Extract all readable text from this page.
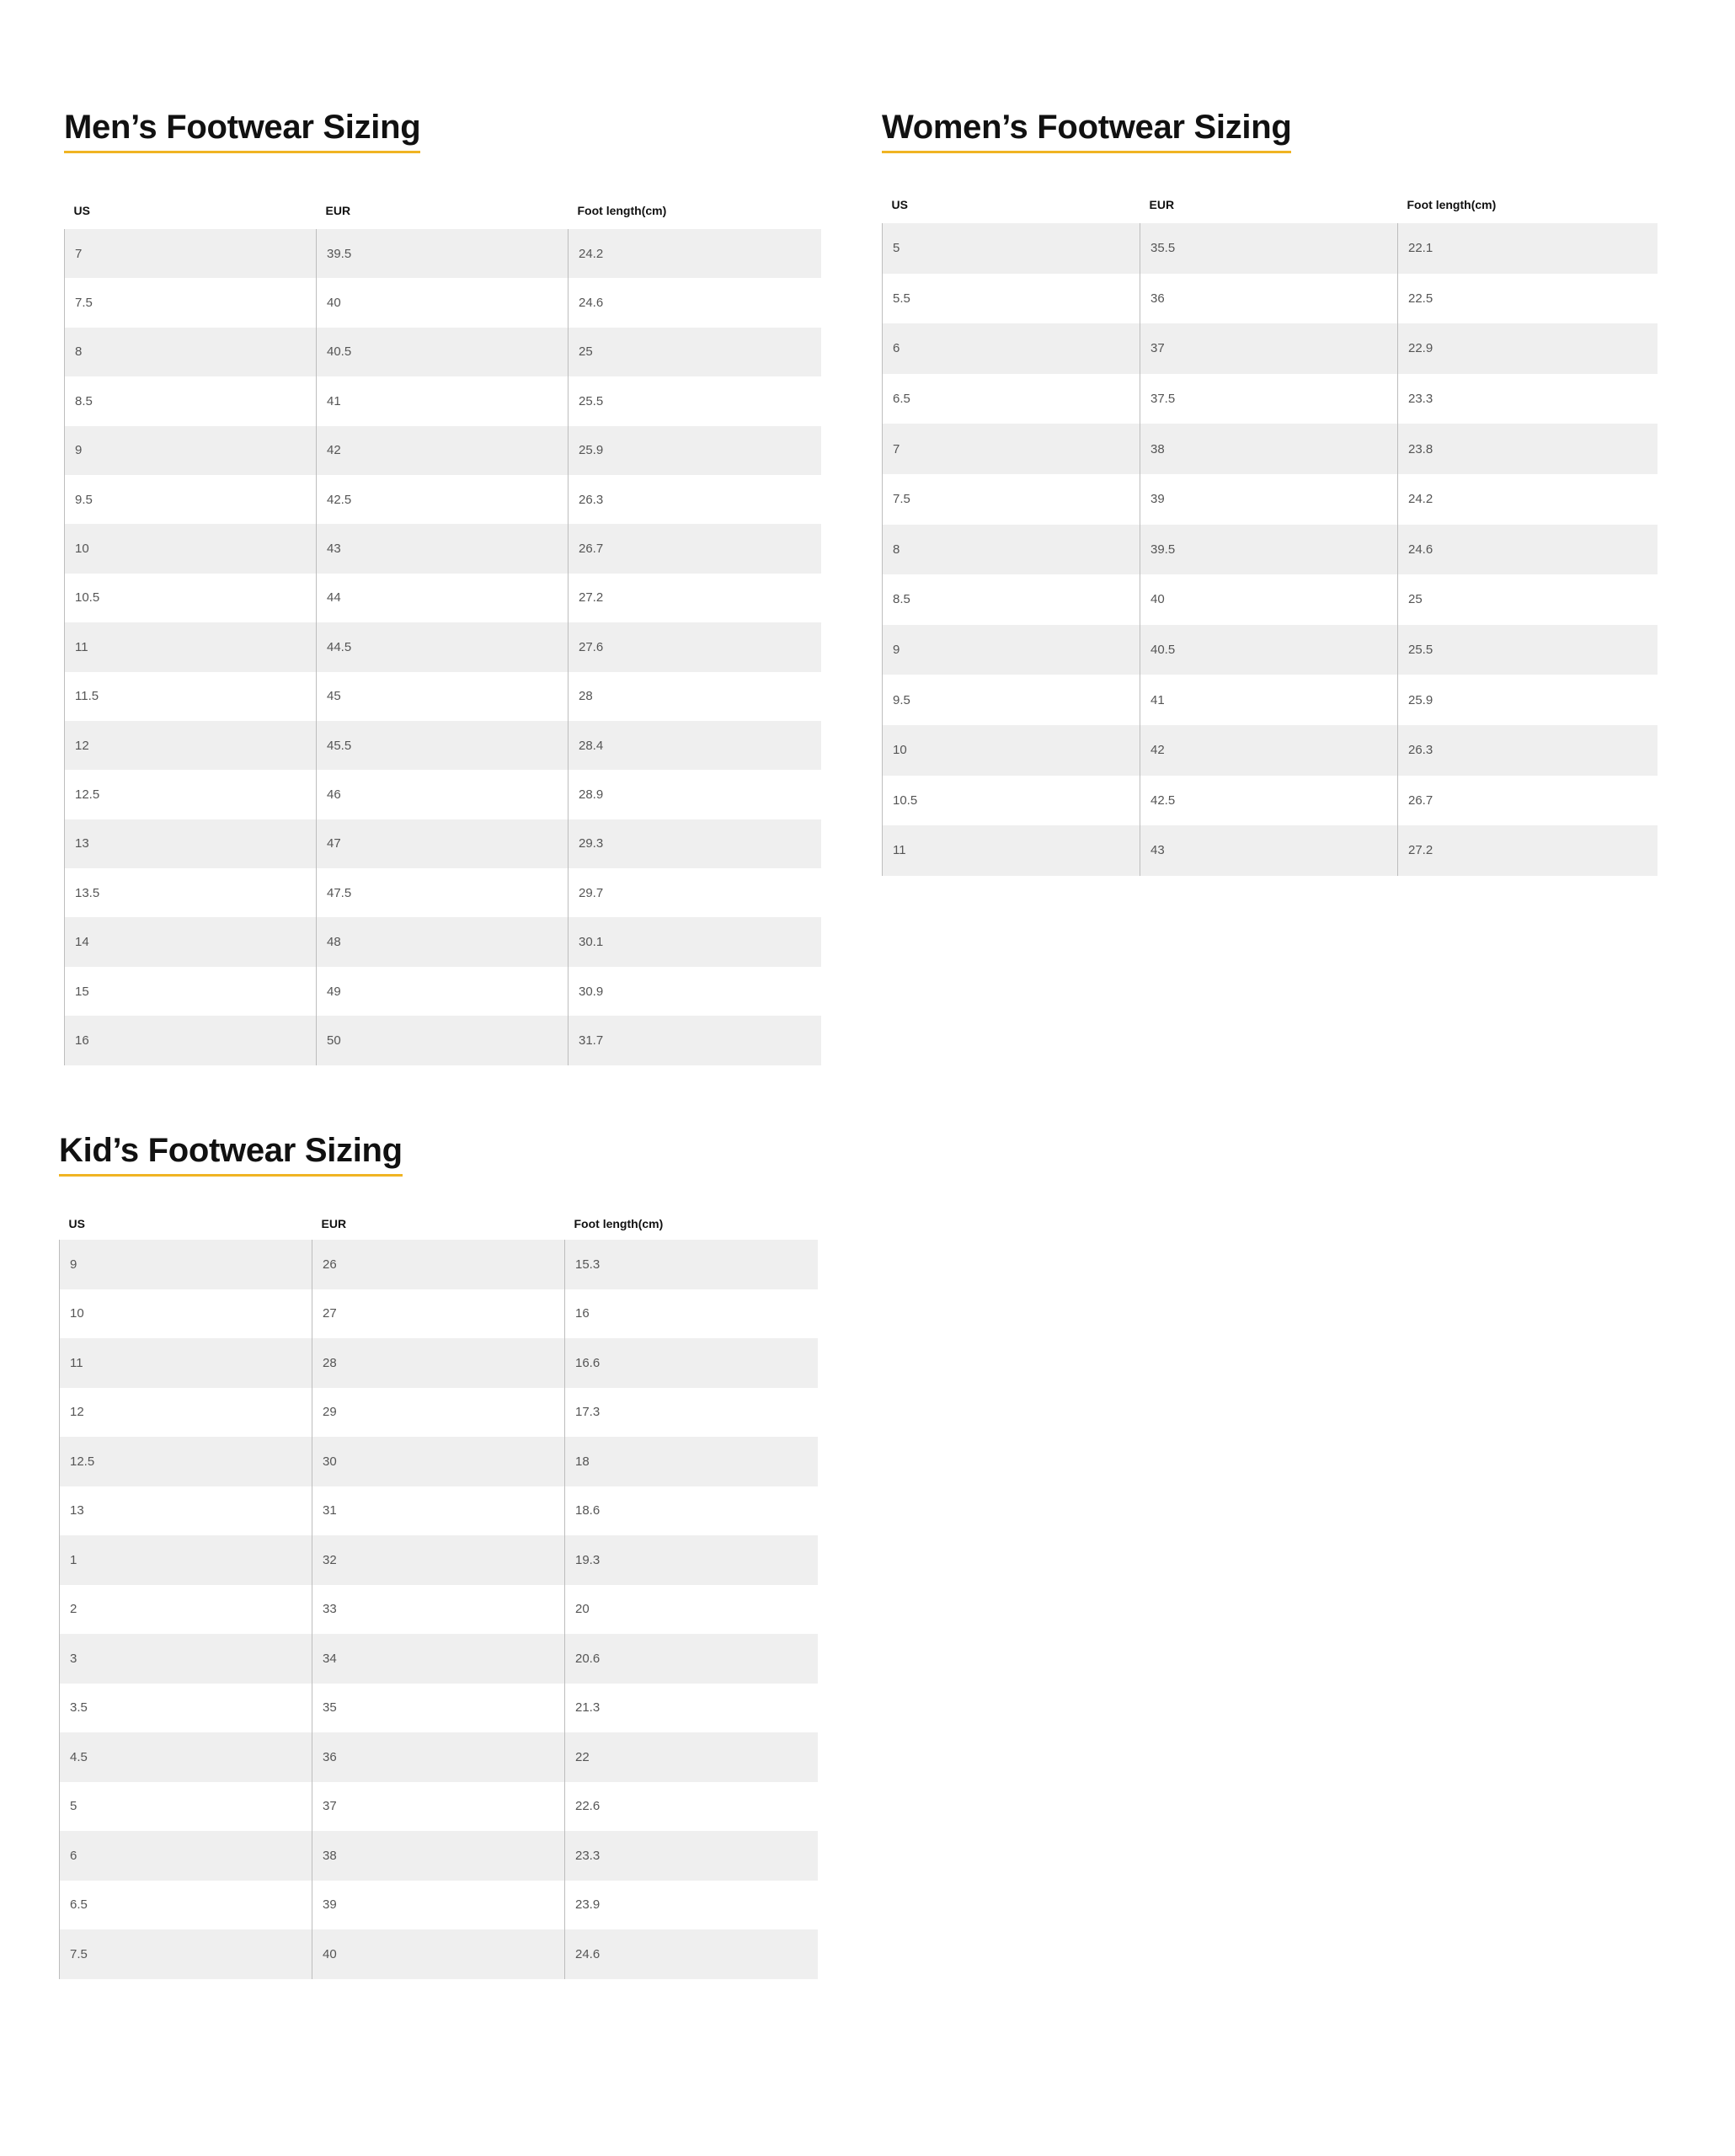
Men’s Footwear Sizing
US	EUR	Foot length(cm)
7	39.5	24.2
7.5	40	24.6
8	40.5	25
8.5	41	25.5
9	42	25.9
9.5	42.5	26.3
10	43	26.7
10.5	44	27.2
11	44.5	27.6
11.5	45	28
12	45.5	28.4
12.5	46	28.9
13	47	29.3
13.5	47.5	29.7
14	48	30.1
15	49	30.9
16	50	31.7
Women’s Footwear Sizing
US	EUR	Foot length(cm)
5	35.5	22.1
5.5	36	22.5
6	37	22.9
6.5	37.5	23.3
7	38	23.8
7.5	39	24.2
8	39.5	24.6
8.5	40	25
9	40.5	25.5
9.5	41	25.9
10	42	26.3
10.5	42.5	26.7
11	43	27.2
Kid’s Footwear Sizing
US	EUR	Foot length(cm)
9	26	15.3
10	27	16
11	28	16.6
12	29	17.3
12.5	30	18
13	31	18.6
1	32	19.3
2	33	20
3	34	20.6
3.5	35	21.3
4.5	36	22
5	37	22.6
6	38	23.3
6.5	39	23.9
7.5	40	24.6
